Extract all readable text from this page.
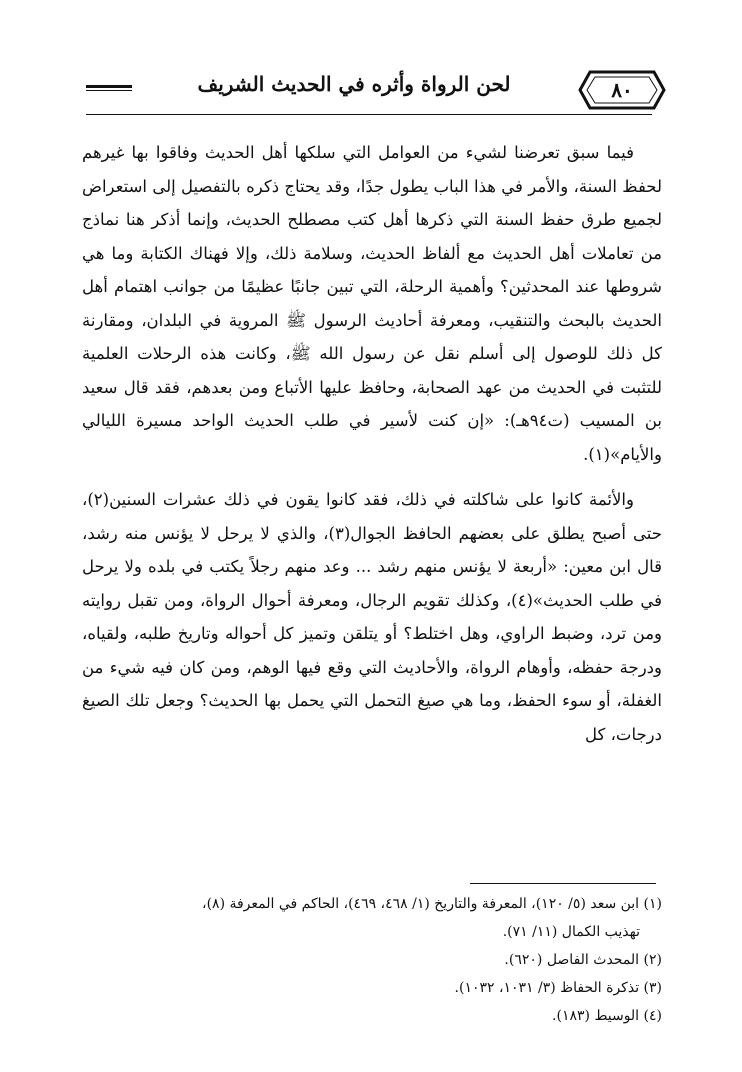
لحن الرواة وأثره في الحديث الشريف	٨٠

فيما سبق تعرضنا لشيء من العوامل التي سلكها أهل الحديث وفاقوا بها غيرهم لحفظ السنة، والأمر في هذا الباب يطول جدًا، وقد يحتاج ذكره بالتفصيل إلى استعراض لجميع طرق حفظ السنة التي ذكرها أهل كتب مصطلح الحديث، وإنما أذكر هنا نماذج من تعاملات أهل الحديث مع ألفاظ الحديث، وسلامة ذلك، وإلا فهناك الكتابة وما هي شروطها عند المحدثين؟ وأهمية الرحلة، التي تبين جانبًا عظيمًا من جوانب اهتمام أهل الحديث بالبحث والتنقيب، ومعرفة أحاديث الرسول ﷺ المروية في البلدان، ومقارنة كل ذلك للوصول إلى أسلم نقل عن رسول الله ﷺ، وكانت هذه الرحلات العلمية للتثبت في الحديث من عهد الصحابة، وحافظ عليها الأتباع ومن بعدهم، فقد قال سعيد بن المسيب (ت٩٤هـ): «إن كنت لأسير في طلب الحديث الواحد مسيرة الليالي والأيام»(١).

والأئمة كانوا على شاكلته في ذلك، فقد كانوا يقون في ذلك عشرات السنين(٢)، حتى أصبح يطلق على بعضهم الحافظ الجوال(٣)، والذي لا يرحل لا يؤنس منه رشد، قال ابن معين: «أربعة لا يؤنس منهم رشد ... وعد منهم رجلاً يكتب في بلده ولا يرحل في طلب الحديث»(٤)، وكذلك تقويم الرجال، ومعرفة أحوال الرواة، ومن تقبل روايته ومن ترد، وضبط الراوي، وهل اختلط؟ أو يتلقن وتميز كل أحواله وتاريخ طلبه، ولقياه، ودرجة حفظه، وأوهام الرواة، والأحاديث التي وقع فيها الوهم، ومن كان فيه شيء من الغفلة، أو سوء الحفظ، وما هي صيغ التحمل التي يحمل بها الحديث؟ وجعل تلك الصيغ درجات، كل

(١) ابن سعد (٥/ ١٢٠)، المعرفة والتاريخ (١/ ٤٦٨، ٤٦٩)، الحاكم في المعرفة (٨)،

تهذيب الكمال (١١/ ٧١).

(٢) المحدث الفاصل (٦٢٠).

(٣) تذكرة الحفاظ (٣/ ١٠٣١، ١٠٣٢).

(٤) الوسيط (١٨٣).
